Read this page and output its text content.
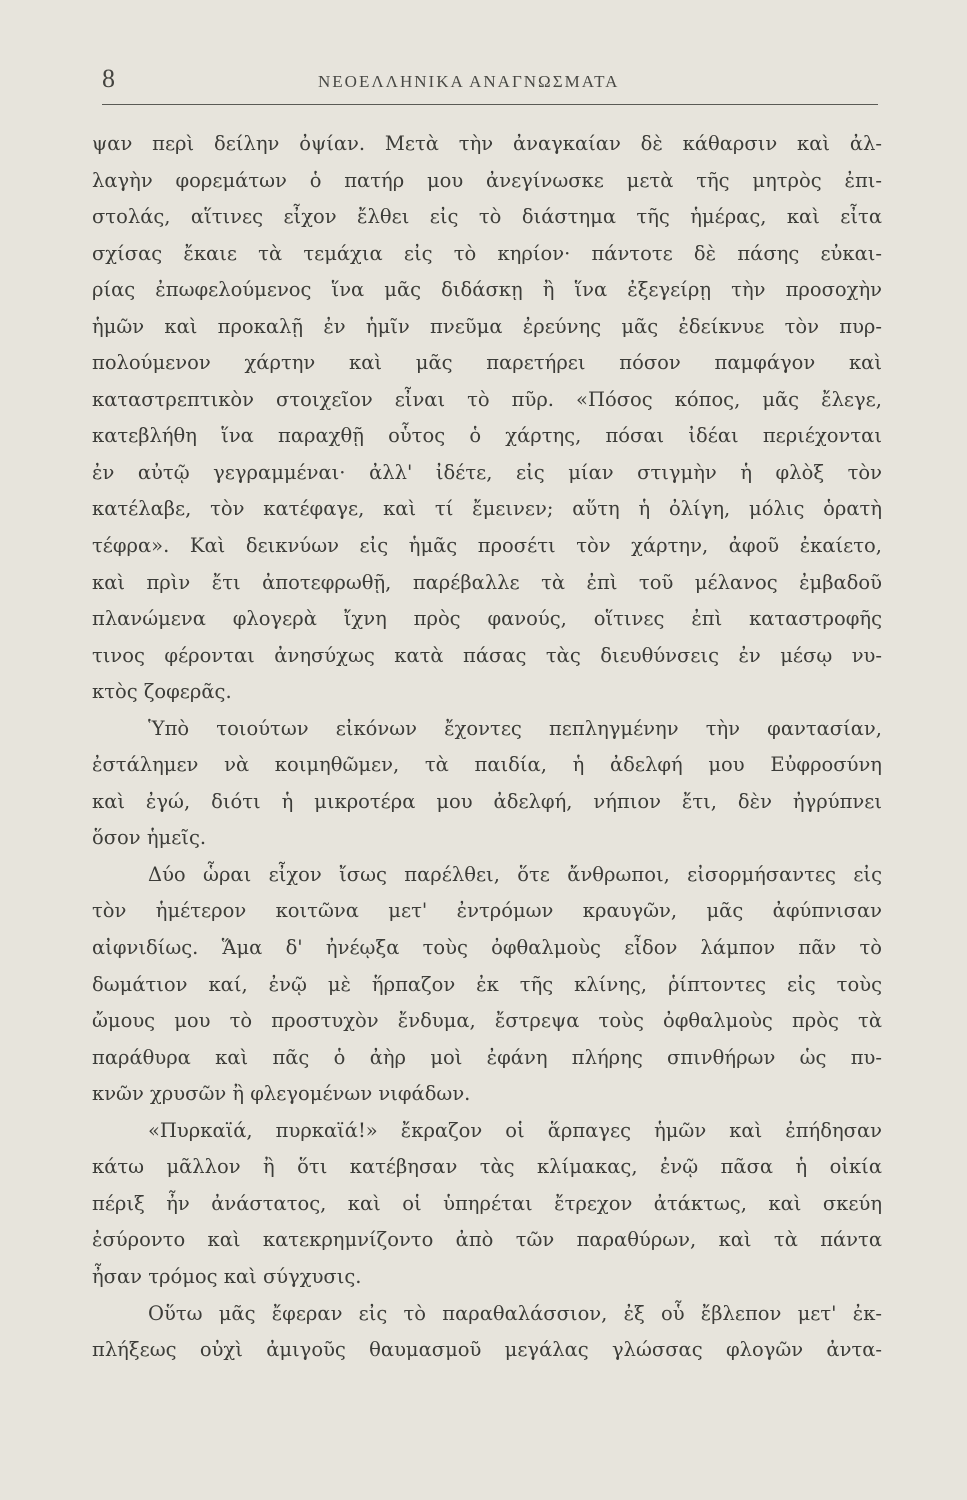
8	ΝΕΟΕΛΛΗΝΙΚΑ ΑΝΑΓΝΩΣΜΑΤΑ
ψαν περὶ δείλην ὀψίαν. Μετὰ τὴν ἀναγκαίαν δὲ κάθαρσιν καὶ ἀλ-
λαγὴν φορεμάτων ὁ πατήρ μου ἀνεγίνωσκε μετὰ τῆς μητρὸς ἐπι-
στολάς, αἵτινες εἶχον ἔλθει εἰς τὸ διάστημα τῆς ἡμέρας, καὶ εἶτα
σχίσας ἔκαιε τὰ τεμάχια εἰς τὸ κηρίον· πάντοτε δὲ πάσης εὐκαι-
ρίας ἐπωφελούμενος ἵνα μᾶς διδάσκῃ ἢ ἵνα ἐξεγείρῃ τὴν προσοχὴν
ἡμῶν καὶ προκαλῇ ἐν ἡμῖν πνεῦμα ἐρεύνης μᾶς ἐδείκνυε τὸν πυρ-
πολούμενον χάρτην καὶ μᾶς παρετήρει πόσον παμφάγον καὶ
καταστρεπτικὸν στοιχεῖον εἶναι τὸ πῦρ. «Πόσος κόπος, μᾶς ἔλεγε,
κατεβλήθη ἵνα παραχθῇ οὗτος ὁ χάρτης, πόσαι ἰδέαι περιέχονται
ἐν αὐτῷ γεγραμμέναι· ἀλλ' ἰδέτε, εἰς μίαν στιγμὴν ἡ φλὸξ τὸν
κατέλαβε, τὸν κατέφαγε, καὶ τί ἔμεινεν; αὕτη ἡ ὀλίγη, μόλις ὁρατὴ
τέφρα». Καὶ δεικνύων εἰς ἡμᾶς προσέτι τὸν χάρτην, ἀφοῦ ἐκαίετο,
καὶ πρὶν ἔτι ἀποτεφρωθῇ, παρέβαλλε τὰ ἐπὶ τοῦ μέλανος ἐμβαδοῦ
πλανώμενα φλογερὰ ἴχνη πρὸς φανούς, οἵτινες ἐπὶ καταστροφῆς
τινος φέρονται ἀνησύχως κατὰ πάσας τὰς διευθύνσεις ἐν μέσῳ νυ-
κτὸς ζοφερᾶς.
Ὑπὸ τοιούτων εἰκόνων ἔχοντες πεπληγμένην τὴν φαντασίαν,
ἐστάλημεν νὰ κοιμηθῶμεν, τὰ παιδία, ἡ ἀδελφή μου Εὐφροσύνη
καὶ ἐγώ, διότι ἡ μικροτέρα μου ἀδελφή, νήπιον ἔτι, δὲν ἠγρύπνει
ὅσον ἡμεῖς.
Δύο ὧραι εἶχον ἴσως παρέλθει, ὅτε ἄνθρωποι, εἰσορμήσαντες εἰς
τὸν ἡμέτερον κοιτῶνα μετ' ἐντρόμων κραυγῶν, μᾶς ἀφύπνισαν
αἰφνιδίως. Ἅμα δ' ἠνέῳξα τοὺς ὀφθαλμοὺς εἶδον λάμπον πᾶν τὸ
δωμάτιον καί, ἐνῷ μὲ ἥρπαζον ἐκ τῆς κλίνης, ῥίπτοντες εἰς τοὺς
ὤμους μου τὸ προστυχὸν ἔνδυμα, ἔστρεψα τοὺς ὀφθαλμοὺς πρὸς τὰ
παράθυρα καὶ πᾶς ὁ ἀὴρ μοὶ ἐφάνη πλήρης σπινθήρων ὡς πυ-
κνῶν χρυσῶν ἢ φλεγομένων νιφάδων.
«Πυρκαϊά, πυρκαϊά!» ἔκραζον οἱ ἅρπαγες ἡμῶν καὶ ἐπήδησαν
κάτω μᾶλλον ἢ ὅτι κατέβησαν τὰς κλίμακας, ἐνῷ πᾶσα ἡ οἰκία
πέριξ ἦν ἀνάστατος, καὶ οἱ ὑπηρέται ἔτρεχον ἀτάκτως, καὶ σκεύη
ἐσύροντο καὶ κατεκρημνίζοντο ἀπὸ τῶν παραθύρων, καὶ τὰ πάντα
ἦσαν τρόμος καὶ σύγχυσις.
Οὕτω μᾶς ἔφεραν εἰς τὸ παραθαλάσσιον, ἐξ οὗ ἔβλεπον μετ' ἐκ-
πλήξεως οὐχὶ ἀμιγοῦς θαυμασμοῦ μεγάλας γλώσσας φλογῶν ἀντα-
